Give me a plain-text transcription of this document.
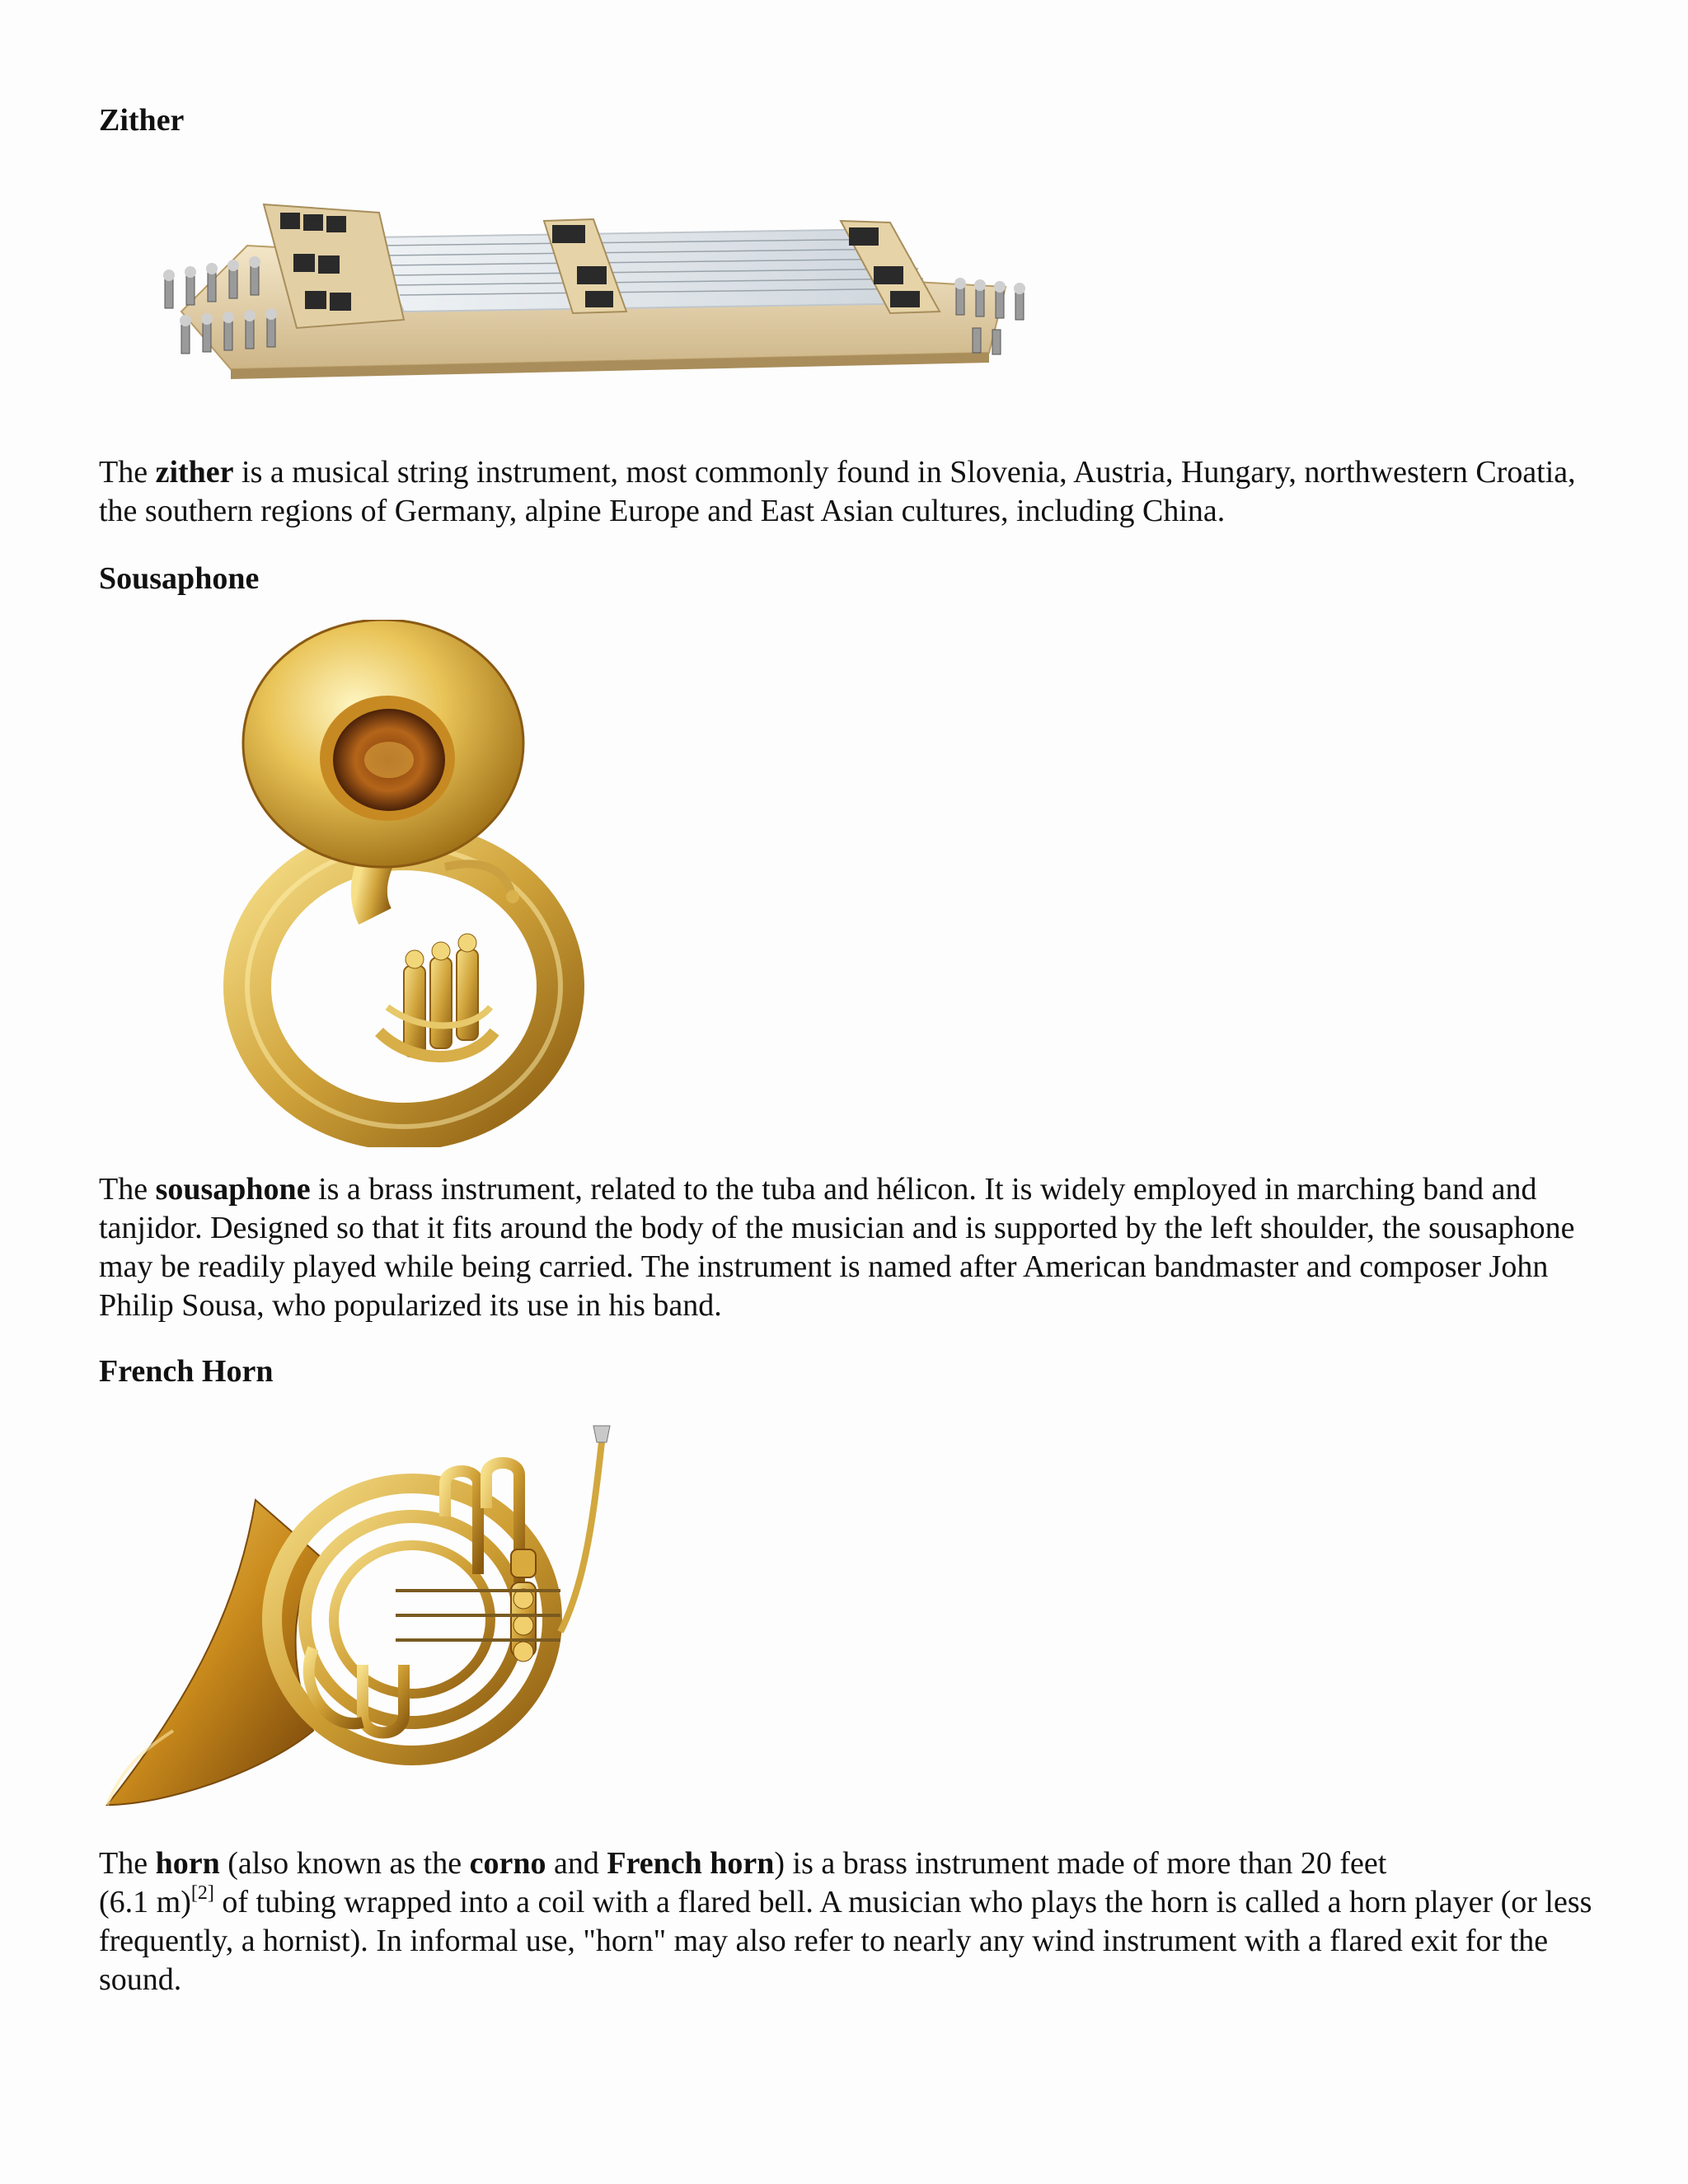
Zither

The zither is a musical string instrument, most commonly found in Slovenia, Austria, Hungary, northwestern Croatia, the southern regions of Germany, alpine Europe and East Asian cultures, including China.

Sousaphone

The sousaphone is a brass instrument, related to the tuba and hélicon. It is widely employed in marching band and tanjidor. Designed so that it fits around the body of the musician and is supported by the left shoulder, the sousaphone may be readily played while being carried. The instrument is named after American bandmaster and composer John Philip Sousa, who popularized its use in his band.

French Horn

The horn (also known as the corno and French horn) is a brass instrument made of more than 20 feet
(6.1 m)[2] of tubing wrapped into a coil with a flared bell. A musician who plays the horn is called a horn player (or less frequently, a hornist). In informal use, "horn" may also refer to nearly any wind instrument with a flared exit for the sound.
